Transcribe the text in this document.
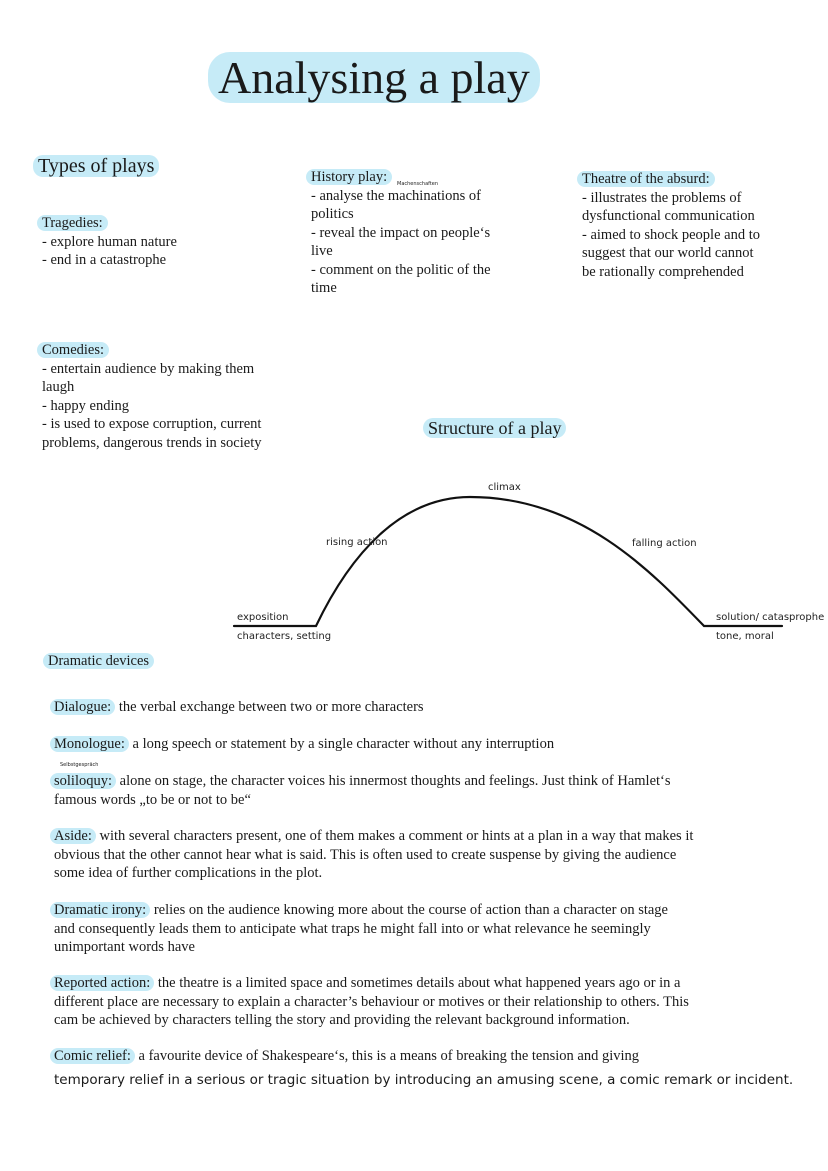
Analysing a play
Types of plays
Tragedies:
- explore human nature
- end in a catastrophe
Comedies:
- entertain audience by making them
laugh
- happy ending
- is used to expose corruption, current
problems, dangerous trends in society
History play:
- analyse the machinations of
politics
- reveal the impact on people‘s
live
- comment on the politic of the
time
Machenschaften	Theatre of the absurd:
- illustrates the problems of
dysfunctional communication
- aimed to shock people and to
suggest that our world cannot
be rationally comprehended
Structure of a play
climax
rising action	falling action
exposition
characters, setting
solution/ catasprophe
tone, moral
Dramatic devices
Dialogue: the verbal exchange between two or more characters
Monologue: a long speech or statement by a single character without any interruption
Selbstgespräch
soliloquy: alone on stage, the character voices his innermost thoughts and feelings. Just think of Hamlet‘s
famous words „to be or not to be“
Aside: with several characters present, one of them makes a comment or hints at a plan in a way that makes it
obvious that the other cannot hear what is said. This is often used to create suspense by giving the audience
some idea of further complications in the plot.
Dramatic irony: relies on the audience knowing more about the course of action than a character on stage
and consequently leads them to anticipate what traps he might fall into or what relevance he seemingly
unimportant words have
Reported action: the theatre is a limited space and sometimes details about what happened years ago or in a
different place are necessary to explain a character’s behaviour or motives or their relationship to others. This
cam be achieved by characters telling the story and providing the relevant background information.
Comic relief: a favourite device of Shakespeare‘s, this is a means of breaking the tension and giving
temporary relief in a serious or tragic situation by introducing an amusing scene, a comic remark or incident.
